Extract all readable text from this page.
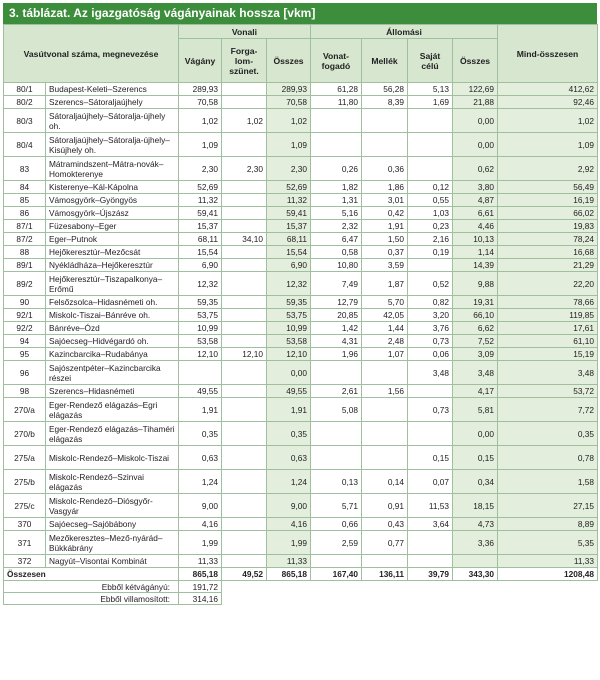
3. táblázat. Az igazgatóság vágányainak hossza [vkm]
Vasútvonal száma, megnevezése		Vonali			Állomási				Mind-összesen
		Vágány	Forga-lom-szünet.	Összes	Vonat-fogadó	Mellék	Saját célú	Összes	
80/1	Budapest-Keleti–Szerencs	289,93		289,93	61,28	56,28	5,13	122,69	412,62
80/2	Szerencs–Sátoraljaújhely	70,58		70,58	11,80	8,39	1,69	21,88	92,46
80/3	Sátoraljaújhely–Sátoralja-újhely oh.	1,02	1,02	1,02				0,00	1,02
80/4	Sátoraljaújhely–Sátoralja-újhely–Kisújhely oh.	1,09		1,09				0,00	1,09
83	Mátramindszent–Mátra-novák–Homokterenye	2,30	2,30	2,30	0,26	0,36		0,62	2,92
84	Kisterenye–Kál-Kápolna	52,69		52,69	1,82	1,86	0,12	3,80	56,49
85	Vámosgyörk–Gyöngyös	11,32		11,32	1,31	3,01	0,55	4,87	16,19
86	Vámosgyörk–Újszász	59,41		59,41	5,16	0,42	1,03	6,61	66,02
87/1	Füzesabony–Eger	15,37		15,37	2,32	1,91	0,23	4,46	19,83
87/2	Eger–Putnok	68,11	34,10	68,11	6,47	1,50	2,16	10,13	78,24
88	Hejőkeresztúr–Mezőcsát	15,54		15,54	0,58	0,37	0,19	1,14	16,68
89/1	Nyékládháza–Hejőkeresztúr	6,90		6,90	10,80	3,59		14,39	21,29
89/2	Hejőkeresztúr–Tiszapalkonya–Erőmű	12,32		12,32	7,49	1,87	0,52	9,88	22,20
90	Felsőzsolca–Hidasnémeti oh.	59,35		59,35	12,79	5,70	0,82	19,31	78,66
92/1	Miskolc-Tiszai–Bánréve oh.	53,75		53,75	20,85	42,05	3,20	66,10	119,85
92/2	Bánréve–Ózd	10,99		10,99	1,42	1,44	3,76	6,62	17,61
94	Sajóecseg–Hidvégardó oh.	53,58		53,58	4,31	2,48	0,73	7,52	61,10
95	Kazincbarcika–Rudabánya	12,10	12,10	12,10	1,96	1,07	0,06	3,09	15,19
96	Sajószentpéter–Kazincbarcika részei			0,00			3,48	3,48	3,48
98	Szerencs–Hidasnémeti	49,55		49,55	2,61	1,56		4,17	53,72
270/a	Eger-Rendező elágazás–Egri elágazás	1,91		1,91	5,08		0,73	5,81	7,72
270/b	Eger-Rendező elágazás–Tihaméri elágazás	0,35		0,35				0,00	0,35
275/a	Miskolc-Rendező–Miskolc-Tiszai	0,63		0,63			0,15	0,15	0,78
275/b	Miskolc-Rendező–Szinvai elágazás	1,24		1,24	0,13	0,14	0,07	0,34	1,58
275/c	Miskolc-Rendező–Diósgyőr-Vasgyár	9,00		9,00	5,71	0,91	11,53	18,15	27,15
370	Sajóecseg–Sajóbábony	4,16		4,16	0,66	0,43	3,64	4,73	8,89
371	Mezőkeresztes–Mező-nyárád–Bükkábrány	1,99		1,99	2,59	0,77		3,36	5,35
372	Nagyút–Visontai Kombinát	11,33		11,33					11,33
Összesen		865,18	49,52	865,18	167,40	136,11	39,79	343,30	1208,48
Ebből kétvágányú:		191,72							
Ebből villamosított:		314,16							
